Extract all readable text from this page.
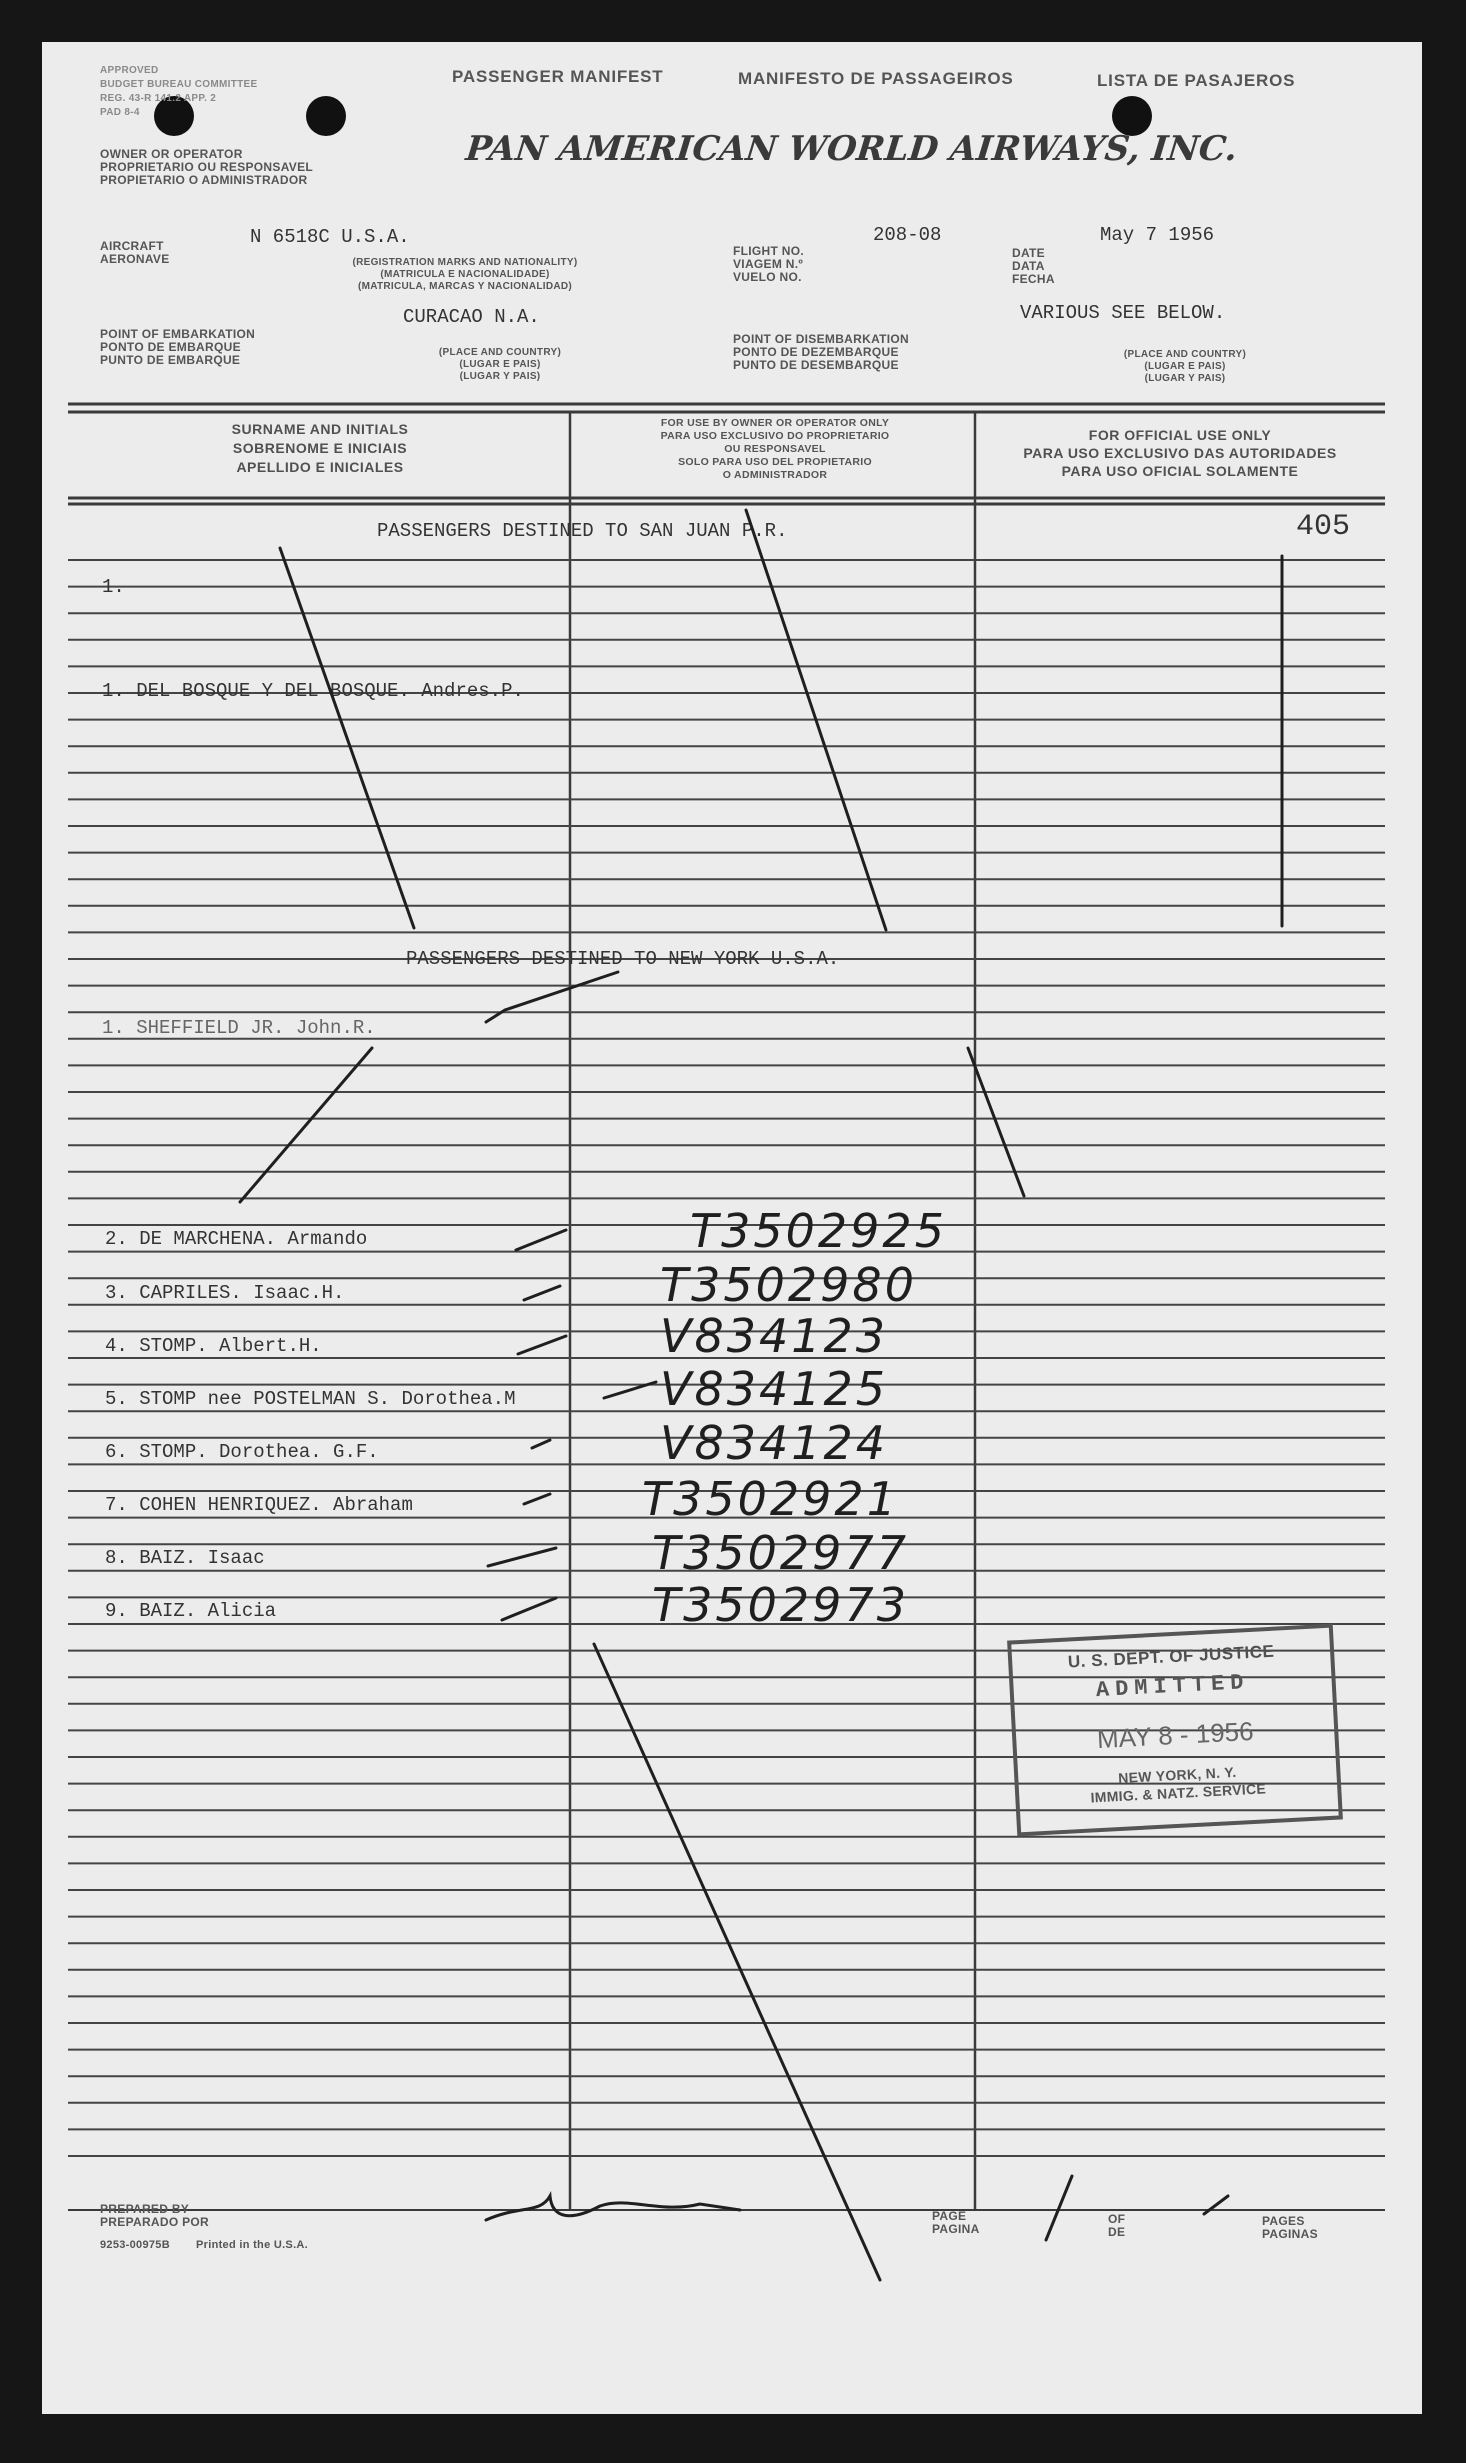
APPROVED
BUDGET BUREAU COMMITTEE
REG. 43-R 141.2 APP. 2
PAD 8-4
PASSENGER MANIFEST	MANIFESTO DE PASSAGEIROS	LISTA DE PASAJEROS
OWNER OR OPERATOR
PROPRIETARIO OU RESPONSAVEL
PROPIETARIO O ADMINISTRADOR
PAN AMERICAN WORLD AIRWAYS, INC.
AIRCRAFT
AERONAVE
N 6518C U.S.A.
(REGISTRATION MARKS AND NATIONALITY)
(MATRICULA E NACIONALIDADE)
(MATRICULA, MARCAS Y NACIONALIDAD)
FLIGHT NO.
VIAGEM N.º
VUELO NO.
208-08
DATE
DATA
FECHA
May 7 1956
POINT OF EMBARKATION
PONTO DE EMBARQUE
PUNTO DE EMBARQUE
CURACAO N.A.
(PLACE AND COUNTRY)
(LUGAR E PAIS)
(LUGAR Y PAIS)
POINT OF DISEMBARKATION
PONTO DE DEZEMBARQUE
PUNTO DE DESEMBARQUE
VARIOUS SEE BELOW.
(PLACE AND COUNTRY)
(LUGAR E PAIS)
(LUGAR Y PAIS)
SURNAME AND INITIALS
SOBRENOME E INICIAIS
APELLIDO E INICIALES
FOR USE BY OWNER OR OPERATOR ONLY
PARA USO EXCLUSIVO DO PROPRIETARIO
OU RESPONSAVEL
SOLO PARA USO DEL PROPIETARIO
O ADMINISTRADOR
FOR OFFICIAL USE ONLY
PARA USO EXCLUSIVO DAS AUTORIDADES
PARA USO OFICIAL SOLAMENTE
PASSENGERS DESTINED TO SAN JUAN P.R.	405
1.
1. DEL BOSQUE Y DEL BOSQUE. Andres.P.
PASSENGERS DESTINED TO NEW YORK U.S.A.
1. SHEFFIELD JR. John.R.
2. DE MARCHENA. Armando	T3502925
3. CAPRILES. Isaac.H.	T3502980
4. STOMP. Albert.H.	V834123
5. STOMP nee POSTELMAN S. Dorothea.M	V834125
6. STOMP. Dorothea. G.F.	V834124
7. COHEN HENRIQUEZ. Abraham	T3502921
8. BAIZ. Isaac	T3502977
9. BAIZ. Alicia	T3502973
U. S. DEPT. OF JUSTICE
ADMITTED
MAY 8 - 1956
NEW YORK, N. Y.
IMMIG. & NATZ. SERVICE
PREPARED BY
PREPARADO POR
9253-00975B Printed in the U.S.A.
PAGE
PAGINA
OF
DE
PAGES
PAGINAS
